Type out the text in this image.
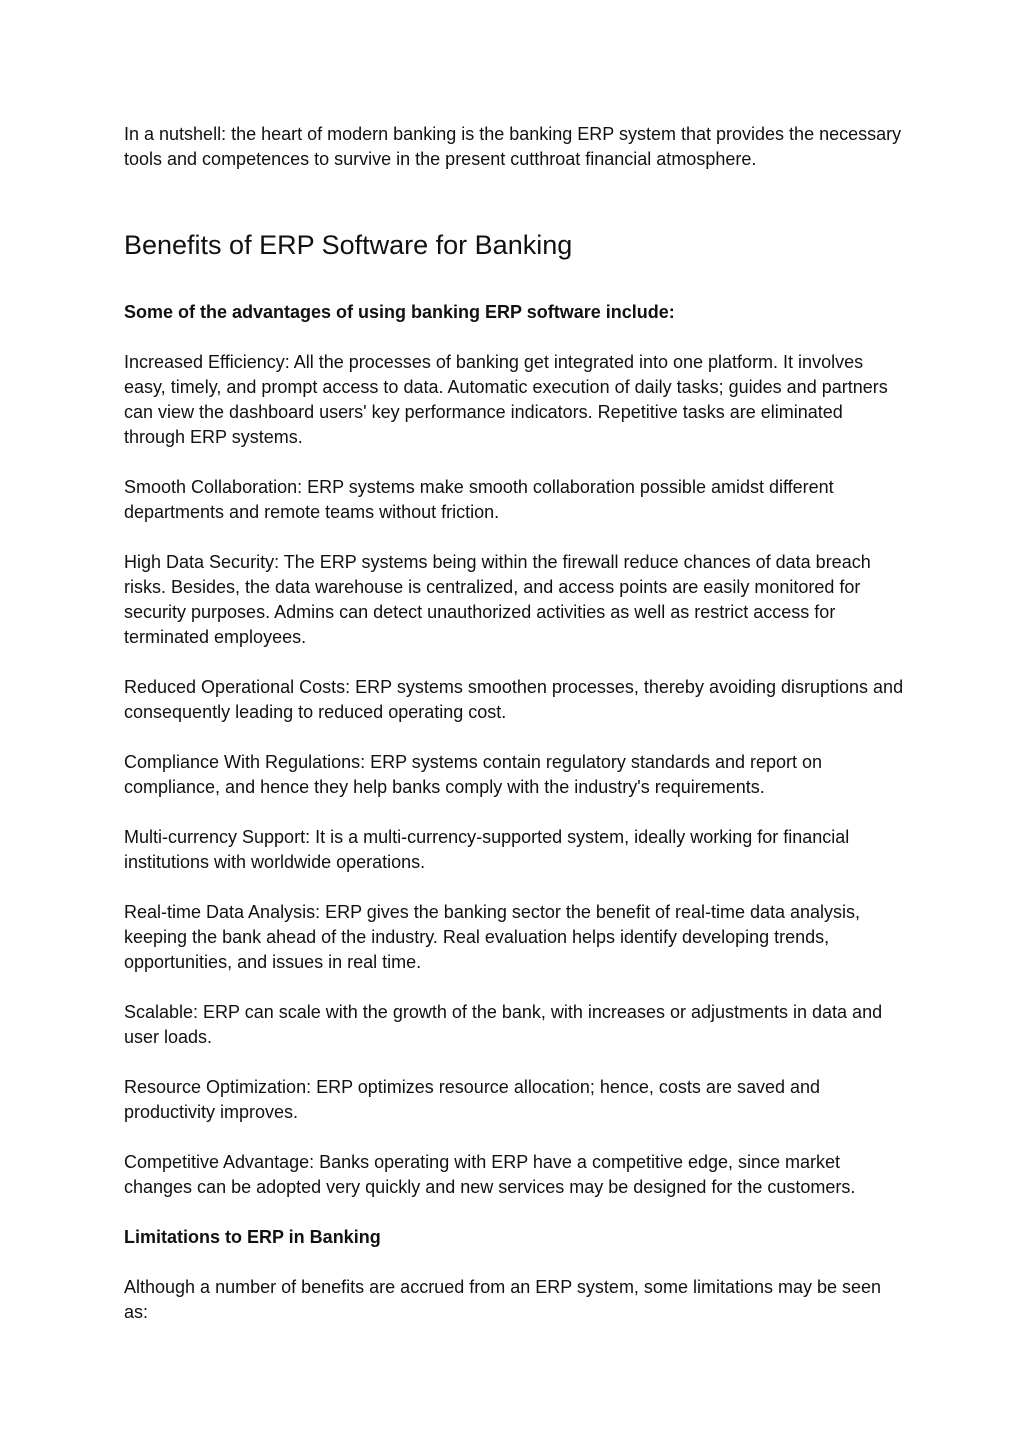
In a nutshell: the heart of modern banking is the banking ERP system that provides the necessary tools and competences to survive in the present cutthroat financial atmosphere.

Benefits of ERP Software for Banking

Some of the advantages of using banking ERP software include:

Increased Efficiency: All the processes of banking get integrated into one platform. It involves easy, timely, and prompt access to data. Automatic execution of daily tasks; guides and partners can view the dashboard users' key performance indicators. Repetitive tasks are eliminated through ERP systems.

Smooth Collaboration: ERP systems make smooth collaboration possible amidst different departments and remote teams without friction.

High Data Security: The ERP systems being within the firewall reduce chances of data breach risks. Besides, the data warehouse is centralized, and access points are easily monitored for security purposes. Admins can detect unauthorized activities as well as restrict access for terminated employees.

Reduced Operational Costs: ERP systems smoothen processes, thereby avoiding disruptions and consequently leading to reduced operating cost.

Compliance With Regulations: ERP systems contain regulatory standards and report on compliance, and hence they help banks comply with the industry's requirements.

Multi-currency Support: It is a multi-currency-supported system, ideally working for financial institutions with worldwide operations.

Real-time Data Analysis: ERP gives the banking sector the benefit of real-time data analysis, keeping the bank ahead of the industry. Real evaluation helps identify developing trends, opportunities, and issues in real time.

Scalable: ERP can scale with the growth of the bank, with increases or adjustments in data and user loads.

Resource Optimization: ERP optimizes resource allocation; hence, costs are saved and productivity improves.

Competitive Advantage: Banks operating with ERP have a competitive edge, since market changes can be adopted very quickly and new services may be designed for the customers.

Limitations to ERP in Banking

Although a number of benefits are accrued from an ERP system, some limitations may be seen as:
